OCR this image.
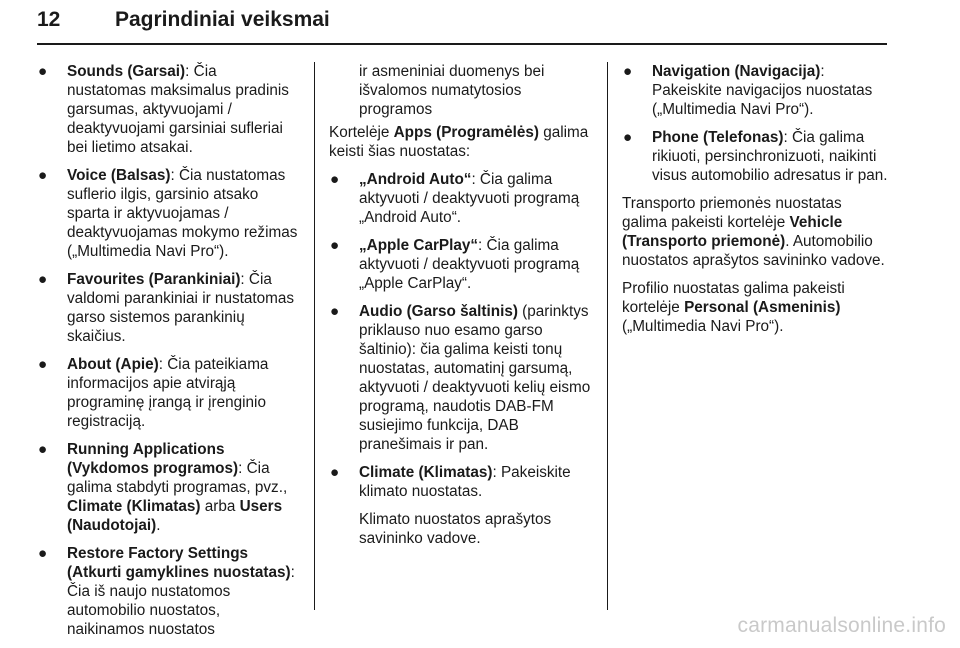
12	Pagrindiniai veiksmai
● Sounds (Garsai): Čia nustatomas maksimalus pradinis garsumas, aktyvuojami / deaktyvuojami garsiniai sufleriai bei lietimo atsakai.
● Voice (Balsas): Čia nustatomas suflerio ilgis, garsinio atsako sparta ir aktyvuojamas / deaktyvuojamas mokymo režimas („Multimedia Navi Pro“).
● Favourites (Parankiniai): Čia valdomi parankiniai ir nustatomas garso sistemos parankinių skaičius.
● About (Apie): Čia pateikiama informacijos apie atvirąją programinę įrangą ir įrenginio registraciją.
● Running Applications (Vykdomos programos): Čia galima stabdyti programas, pvz., Climate (Klimatas) arba Users (Naudotojai).
● Restore Factory Settings (Atkurti gamyklines nuostatas): Čia iš naujo nustatomos automobilio nuostatos, naikinamos nuostatos

ir asmeniniai duomenys bei išvalomos numatytosios programos

Kortelėje Apps (Programėlės) galima keisti šias nuostatas:

● „Android Auto“: Čia galima aktyvuoti / deaktyvuoti programą „Android Auto“.
● „Apple CarPlay“: Čia galima aktyvuoti / deaktyvuoti programą „Apple CarPlay“.
● Audio (Garso šaltinis) (parinktys priklauso nuo esamo garso šaltinio): čia galima keisti tonų nuostatas, automatinį garsumą, aktyvuoti / deaktyvuoti kelių eismo programą, naudotis DAB-FM susiejimo funkcija, DAB pranešimais ir pan.
● Climate (Klimatas): Pakeiskite klimato nuostatas.
Klimato nuostatos aprašytos savininko vadove.
● Navigation (Navigacija): Pakeiskite navigacijos nuostatas („Multimedia Navi Pro“).
● Phone (Telefonas): Čia galima rikiuoti, persinchronizuoti, naikinti visus automobilio adresatus ir pan.

Transporto priemonės nuostatas galima pakeisti kortelėje Vehicle (Transporto priemonė). Automobilio nuostatos aprašytos savininko vadove.

Profilio nuostatas galima pakeisti kortelėje Personal (Asmeninis) („Multimedia Navi Pro“).

carmanualsonline.info
